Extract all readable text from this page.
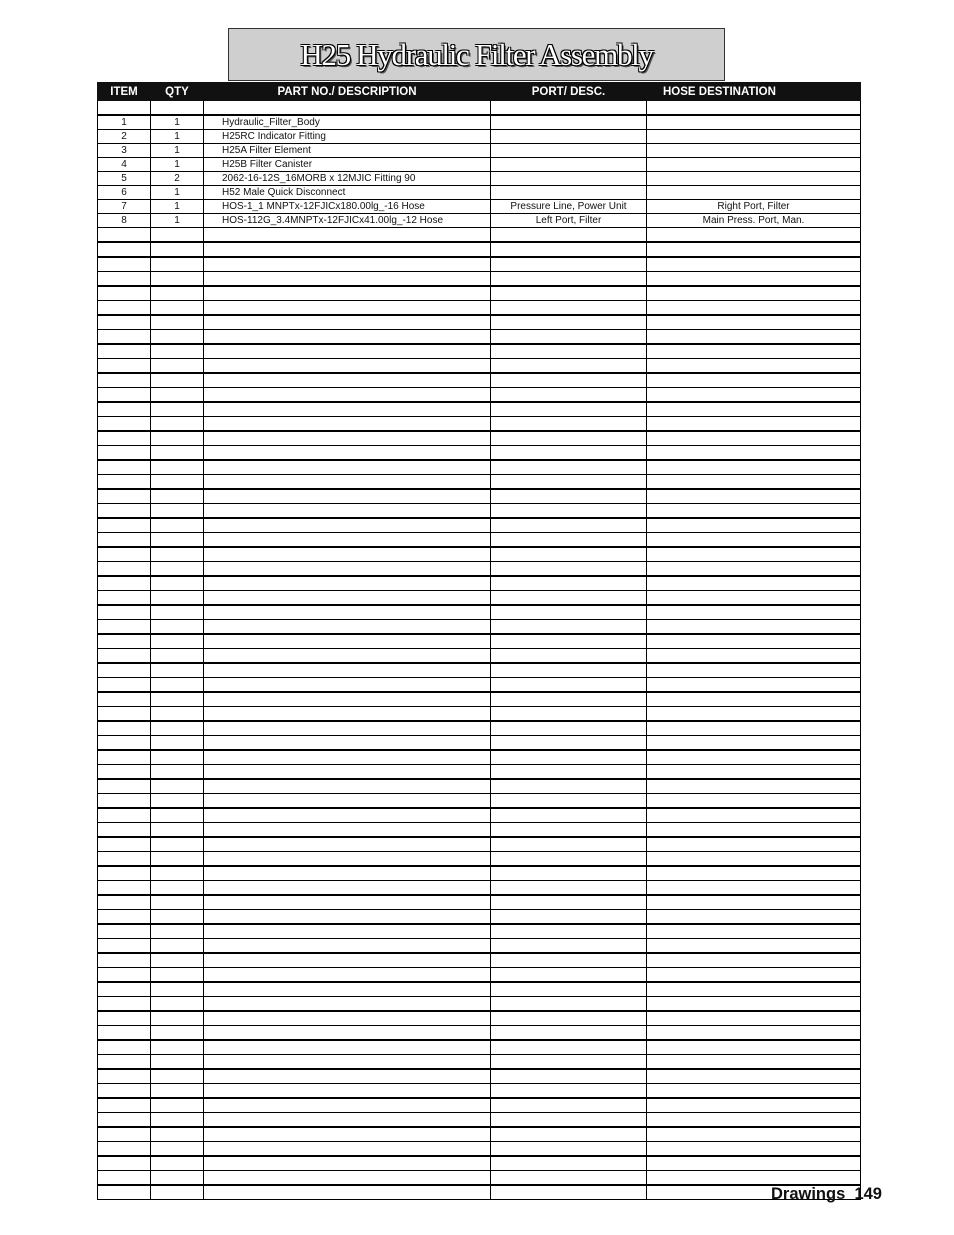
H25 Hydraulic Filter Assembly
ITEM	QTY	PART NO./ DESCRIPTION	PORT/ DESC.	HOSE DESTINATION

1	1	Hydraulic_Filter_Body		
2	1	H25RC Indicator Fitting		
3	1	H25A Filter Element		
4	1	H25B Filter Canister		
5	2	2062-16-12S_16MORB x 12MJIC Fitting 90		
6	1	H52 Male Quick Disconnect		
7	1	HOS-1_1 MNPTx-12FJICx180.00lg_-16 Hose	Pressure Line, Power Unit	Right Port, Filter
8	1	HOS-112G_3.4MNPTx-12FJICx41.00lg_-12 Hose	Left Port, Filter	Main Press. Port, Man.

Drawings 149
